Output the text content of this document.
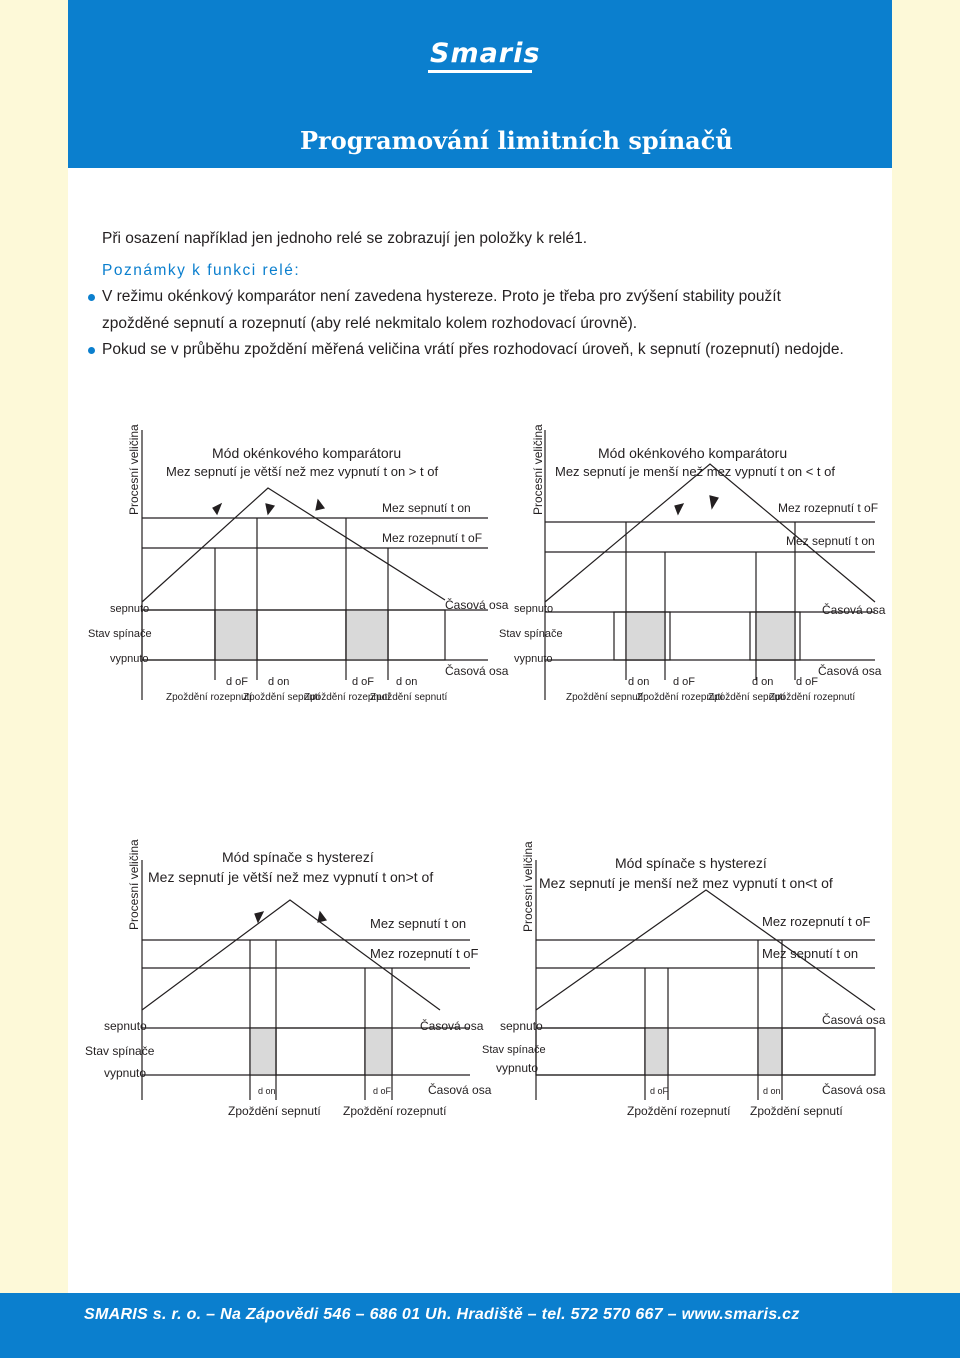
Smaris
Programování limitních spínačů
Při osazení například jen jednoho relé se zobrazují jen položky k relé1.
Poznámky k funkci relé:
V režimu okénkový komparátor není zavedena hystereze. Proto je třeba pro zvýšení stability použít
zpožděné sepnutí a rozepnutí (aby relé nekmitalo kolem rozhodovací úrovně).
Pokud se v průběhu zpoždění měřená veličina vrátí přes rozhodovací úroveň, k sepnutí (rozepnutí) nedojde.
Procesní veličina	Mód okénkového komparátoru
Mez sepnutí je větší než mez vypnutí t on > t of
Mez sepnutí t on
Mez rozepnutí t oF
sepnuto
Stav spínače
vypnuto
Časová osa
Časová osa
d oF d on	d oF d on
Zpoždění rozepnutí
Zpoždění sepnutí
Zpoždění rozepnutí
Zpoždění sepnutí
Procesní veličina	Mód okénkového komparátoru
Mez sepnutí je menší než mez vypnutí t on < t of
Mez rozepnutí t oF
Mez sepnutí t on
sepnuto
Stav spínače
vypnuto
Časová osa
Časová osa
d on d oF	d on d oF
Zpoždění sepnutí
Zpoždění rozepnutí
Zpoždění sepnutí
Zpoždění rozepnutí
Procesní veličina	Mód spínače s hysterezí
Mez sepnutí je větší než mez vypnutí t on>t of
Mez sepnutí t on
Mez rozepnutí t oF
sepnuto
Stav spínače
vypnuto
Časová osa
Časová osa
d on	d oF
Zpoždění sepnutí Zpoždění rozepnutí
Procesní veličina	Mód spínače s hysterezí
Mez sepnutí je menší než mez vypnutí t on<t of
Mez rozepnutí t oF
Mez sepnutí t on
sepnuto
Stav spínače
vypnuto
Časová osa
Časová osa
d oF	d on
Zpoždění rozepnutí Zpoždění sepnutí
SMARIS s. r. o. – Na Zápovědi 546 – 686 01 Uh. Hradiště – tel. 572 570 667 – www.smaris.cz
